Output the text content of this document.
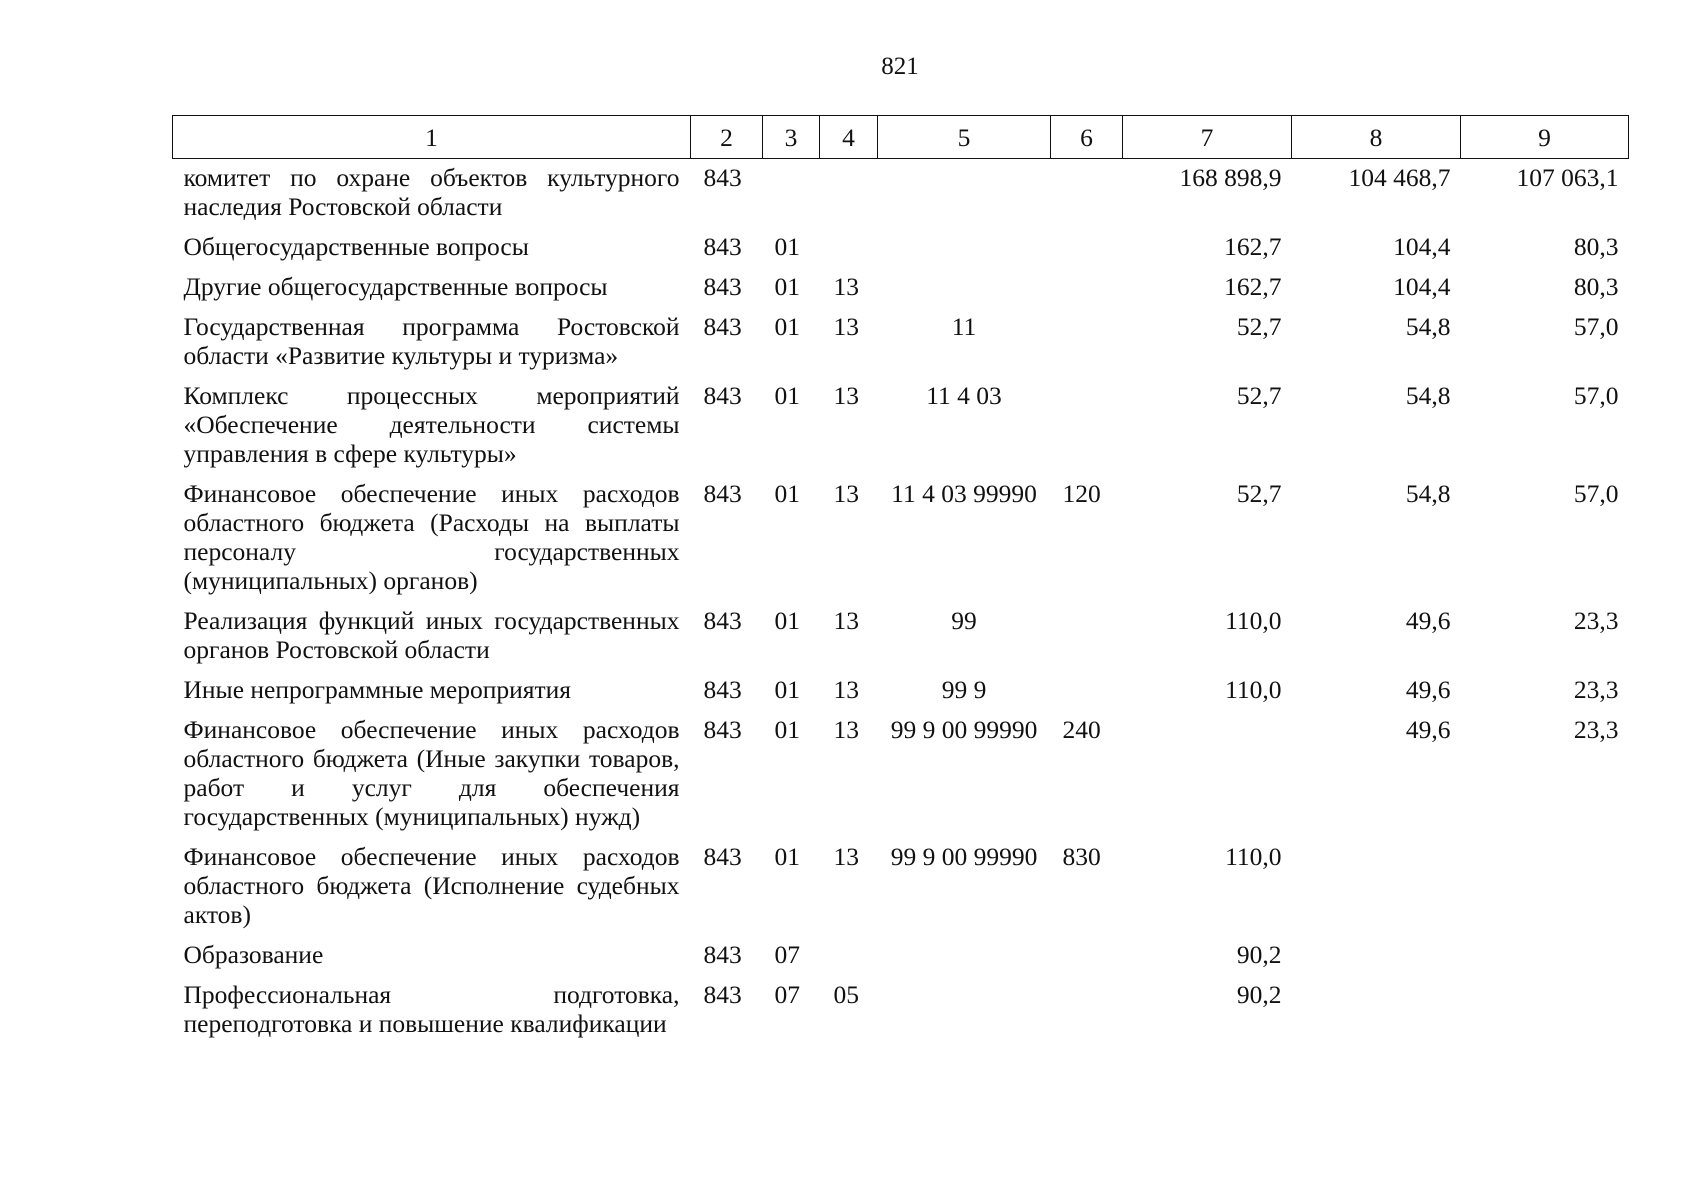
821
1	2	3	4	5	6	7	8	9
комитет по охране объектов культурного наследия Ростовской области	843					168 898,9	104 468,7	107 063,1
Общегосударственные вопросы	843	01				162,7	104,4	80,3
Другие общегосударственные вопросы	843	01	13			162,7	104,4	80,3
Государственная программа Ростовской области «Развитие культуры и туризма»	843	01	13	11		52,7	54,8	57,0
Комплекс процессных мероприятий «Обеспечение деятельности системы управления в сфере культуры»	843	01	13	11 4 03		52,7	54,8	57,0
Финансовое обеспечение иных расходов областного бюджета (Расходы на выплаты персоналу государственных (муниципальных) органов)	843	01	13	11 4 03 99990	120	52,7	54,8	57,0
Реализация функций иных государственных органов Ростовской области	843	01	13	99		110,0	49,6	23,3
Иные непрограммные мероприятия	843	01	13	99 9		110,0	49,6	23,3
Финансовое обеспечение иных расходов областного бюджета (Иные закупки товаров, работ и услуг для обеспечения государственных (муниципальных) нужд)	843	01	13	99 9 00 99990	240		49,6	23,3
Финансовое обеспечение иных расходов областного бюджета (Исполнение судебных актов)	843	01	13	99 9 00 99990	830	110,0		
Образование	843	07				90,2		
Профессиональная подготовка, переподготовка и повышение квалификации	843	07	05			90,2		
